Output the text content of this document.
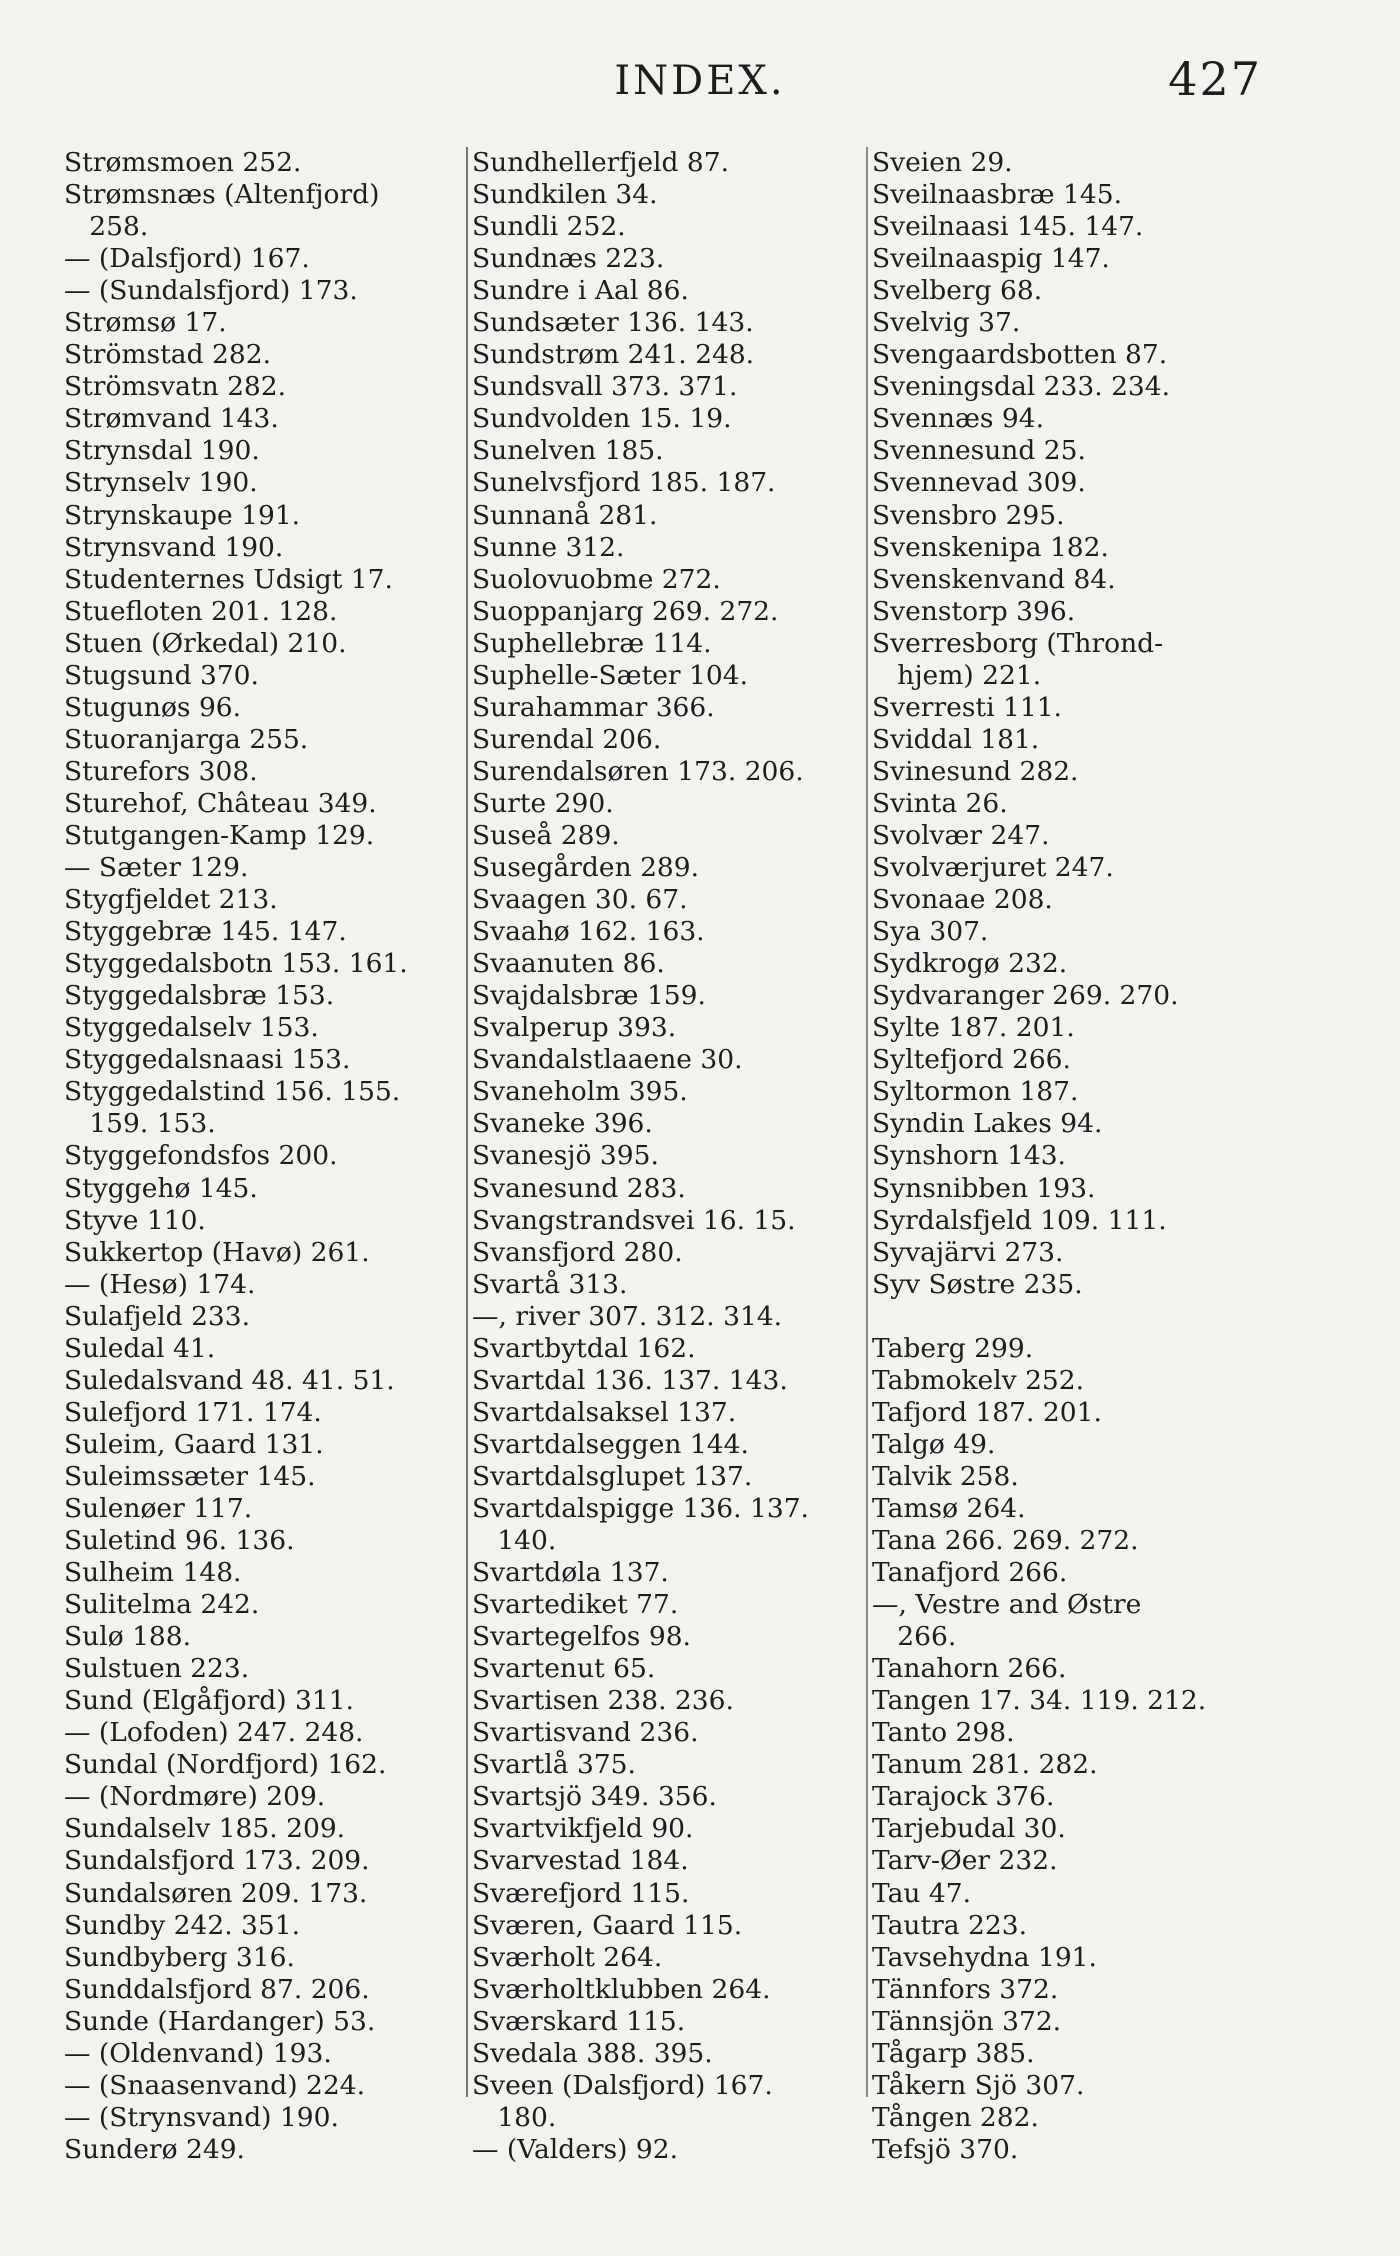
INDEX.	427
Strømsmoen 252.
Strømsnæs (Altenfjord)
258.
— (Dalsfjord) 167.
— (Sundalsfjord) 173.
Strømsø 17.
Strömstad 282.
Strömsvatn 282.
Strømvand 143.
Strynsdal 190.
Strynselv 190.
Strynskaupe 191.
Strynsvand 190.
Studenternes Udsigt 17.
Stuefloten 201. 128.
Stuen (Ørkedal) 210.
Stugsund 370.
Stugunøs 96.
Stuoranjarga 255.
Sturefors 308.
Sturehof, Château 349.
Stutgangen-Kamp 129.
— Sæter 129.
Stygfjeldet 213.
Styggebræ 145. 147.
Styggedalsbotn 153. 161.
Styggedalsbræ 153.
Styggedalselv 153.
Styggedalsnaasi 153.
Styggedalstind 156. 155.
159. 153.
Styggefondsfos 200.
Styggehø 145.
Styve 110.
Sukkertop (Havø) 261.
— (Hesø) 174.
Sulafjeld 233.
Suledal 41.
Suledalsvand 48. 41. 51.
Sulefjord 171. 174.
Suleim, Gaard 131.
Suleimssæter 145.
Sulenøer 117.
Suletind 96. 136.
Sulheim 148.
Sulitelma 242.
Sulø 188.
Sulstuen 223.
Sund (Elgåfjord) 311.
— (Lofoden) 247. 248.
Sundal (Nordfjord) 162.
— (Nordmøre) 209.
Sundalselv 185. 209.
Sundalsfjord 173. 209.
Sundalsøren 209. 173.
Sundby 242. 351.
Sundbyberg 316.
Sunddalsfjord 87. 206.
Sunde (Hardanger) 53.
— (Oldenvand) 193.
— (Snaasenvand) 224.
— (Strynsvand) 190.
Sunderø 249.
Sundhellerfjeld 87.
Sundkilen 34.
Sundli 252.
Sundnæs 223.
Sundre i Aal 86.
Sundsæter 136. 143.
Sundstrøm 241. 248.
Sundsvall 373. 371.
Sundvolden 15. 19.
Sunelven 185.
Sunelvsfjord 185. 187.
Sunnanå 281.
Sunne 312.
Suolovuobme 272.
Suoppanjarg 269. 272.
Suphellebræ 114.
Suphelle-Sæter 104.
Surahammar 366.
Surendal 206.
Surendalsøren 173. 206.
Surte 290.
Suseå 289.
Susegården 289.
Svaagen 30. 67.
Svaahø 162. 163.
Svaanuten 86.
Svajdalsbræ 159.
Svalperup 393.
Svandalstlaaene 30.
Svaneholm 395.
Svaneke 396.
Svanesjö 395.
Svanesund 283.
Svangstrandsvei 16. 15.
Svansfjord 280.
Svartå 313.
—, river 307. 312. 314.
Svartbytdal 162.
Svartdal 136. 137. 143.
Svartdalsaksel 137.
Svartdalseggen 144.
Svartdalsglupet 137.
Svartdalspigge 136. 137.
140.
Svartdøla 137.
Svartediket 77.
Svartegelfos 98.
Svartenut 65.
Svartisen 238. 236.
Svartisvand 236.
Svartlå 375.
Svartsjö 349. 356.
Svartvikfjeld 90.
Svarvestad 184.
Sværefjord 115.
Sværen, Gaard 115.
Sværholt 264.
Sværholtklubben 264.
Sværskard 115.
Svedala 388. 395.
Sveen (Dalsfjord) 167.
180.
— (Valders) 92.
Sveien 29.
Sveilnaasbræ 145.
Sveilnaasi 145. 147.
Sveilnaaspig 147.
Svelberg 68.
Svelvig 37.
Svengaardsbotten 87.
Sveningsdal 233. 234.
Svennæs 94.
Svennesund 25.
Svennevad 309.
Svensbro 295.
Svenskenipa 182.
Svenskenvand 84.
Svenstorp 396.
Sverresborg (Thrond-
hjem) 221.
Sverresti 111.
Sviddal 181.
Svinesund 282.
Svinta 26.
Svolvær 247.
Svolværjuret 247.
Svonaae 208.
Sya 307.
Sydkrogø 232.
Sydvaranger 269. 270.
Sylte 187. 201.
Syltefjord 266.
Syltormon 187.
Syndin Lakes 94.
Synshorn 143.
Synsnibben 193.
Syrdalsfjeld 109. 111.
Syvajärvi 273.
Syv Søstre 235.
Taberg 299.
Tabmokelv 252.
Tafjord 187. 201.
Talgø 49.
Talvik 258.
Tamsø 264.
Tana 266. 269. 272.
Tanafjord 266.
—, Vestre and Østre
266.
Tanahorn 266.
Tangen 17. 34. 119. 212.
Tanto 298.
Tanum 281. 282.
Tarajock 376.
Tarjebudal 30.
Tarv-Øer 232.
Tau 47.
Tautra 223.
Tavsehydna 191.
Tännfors 372.
Tännsjön 372.
Tågarp 385.
Tåkern Sjö 307.
Tången 282.
Tefsjö 370.
